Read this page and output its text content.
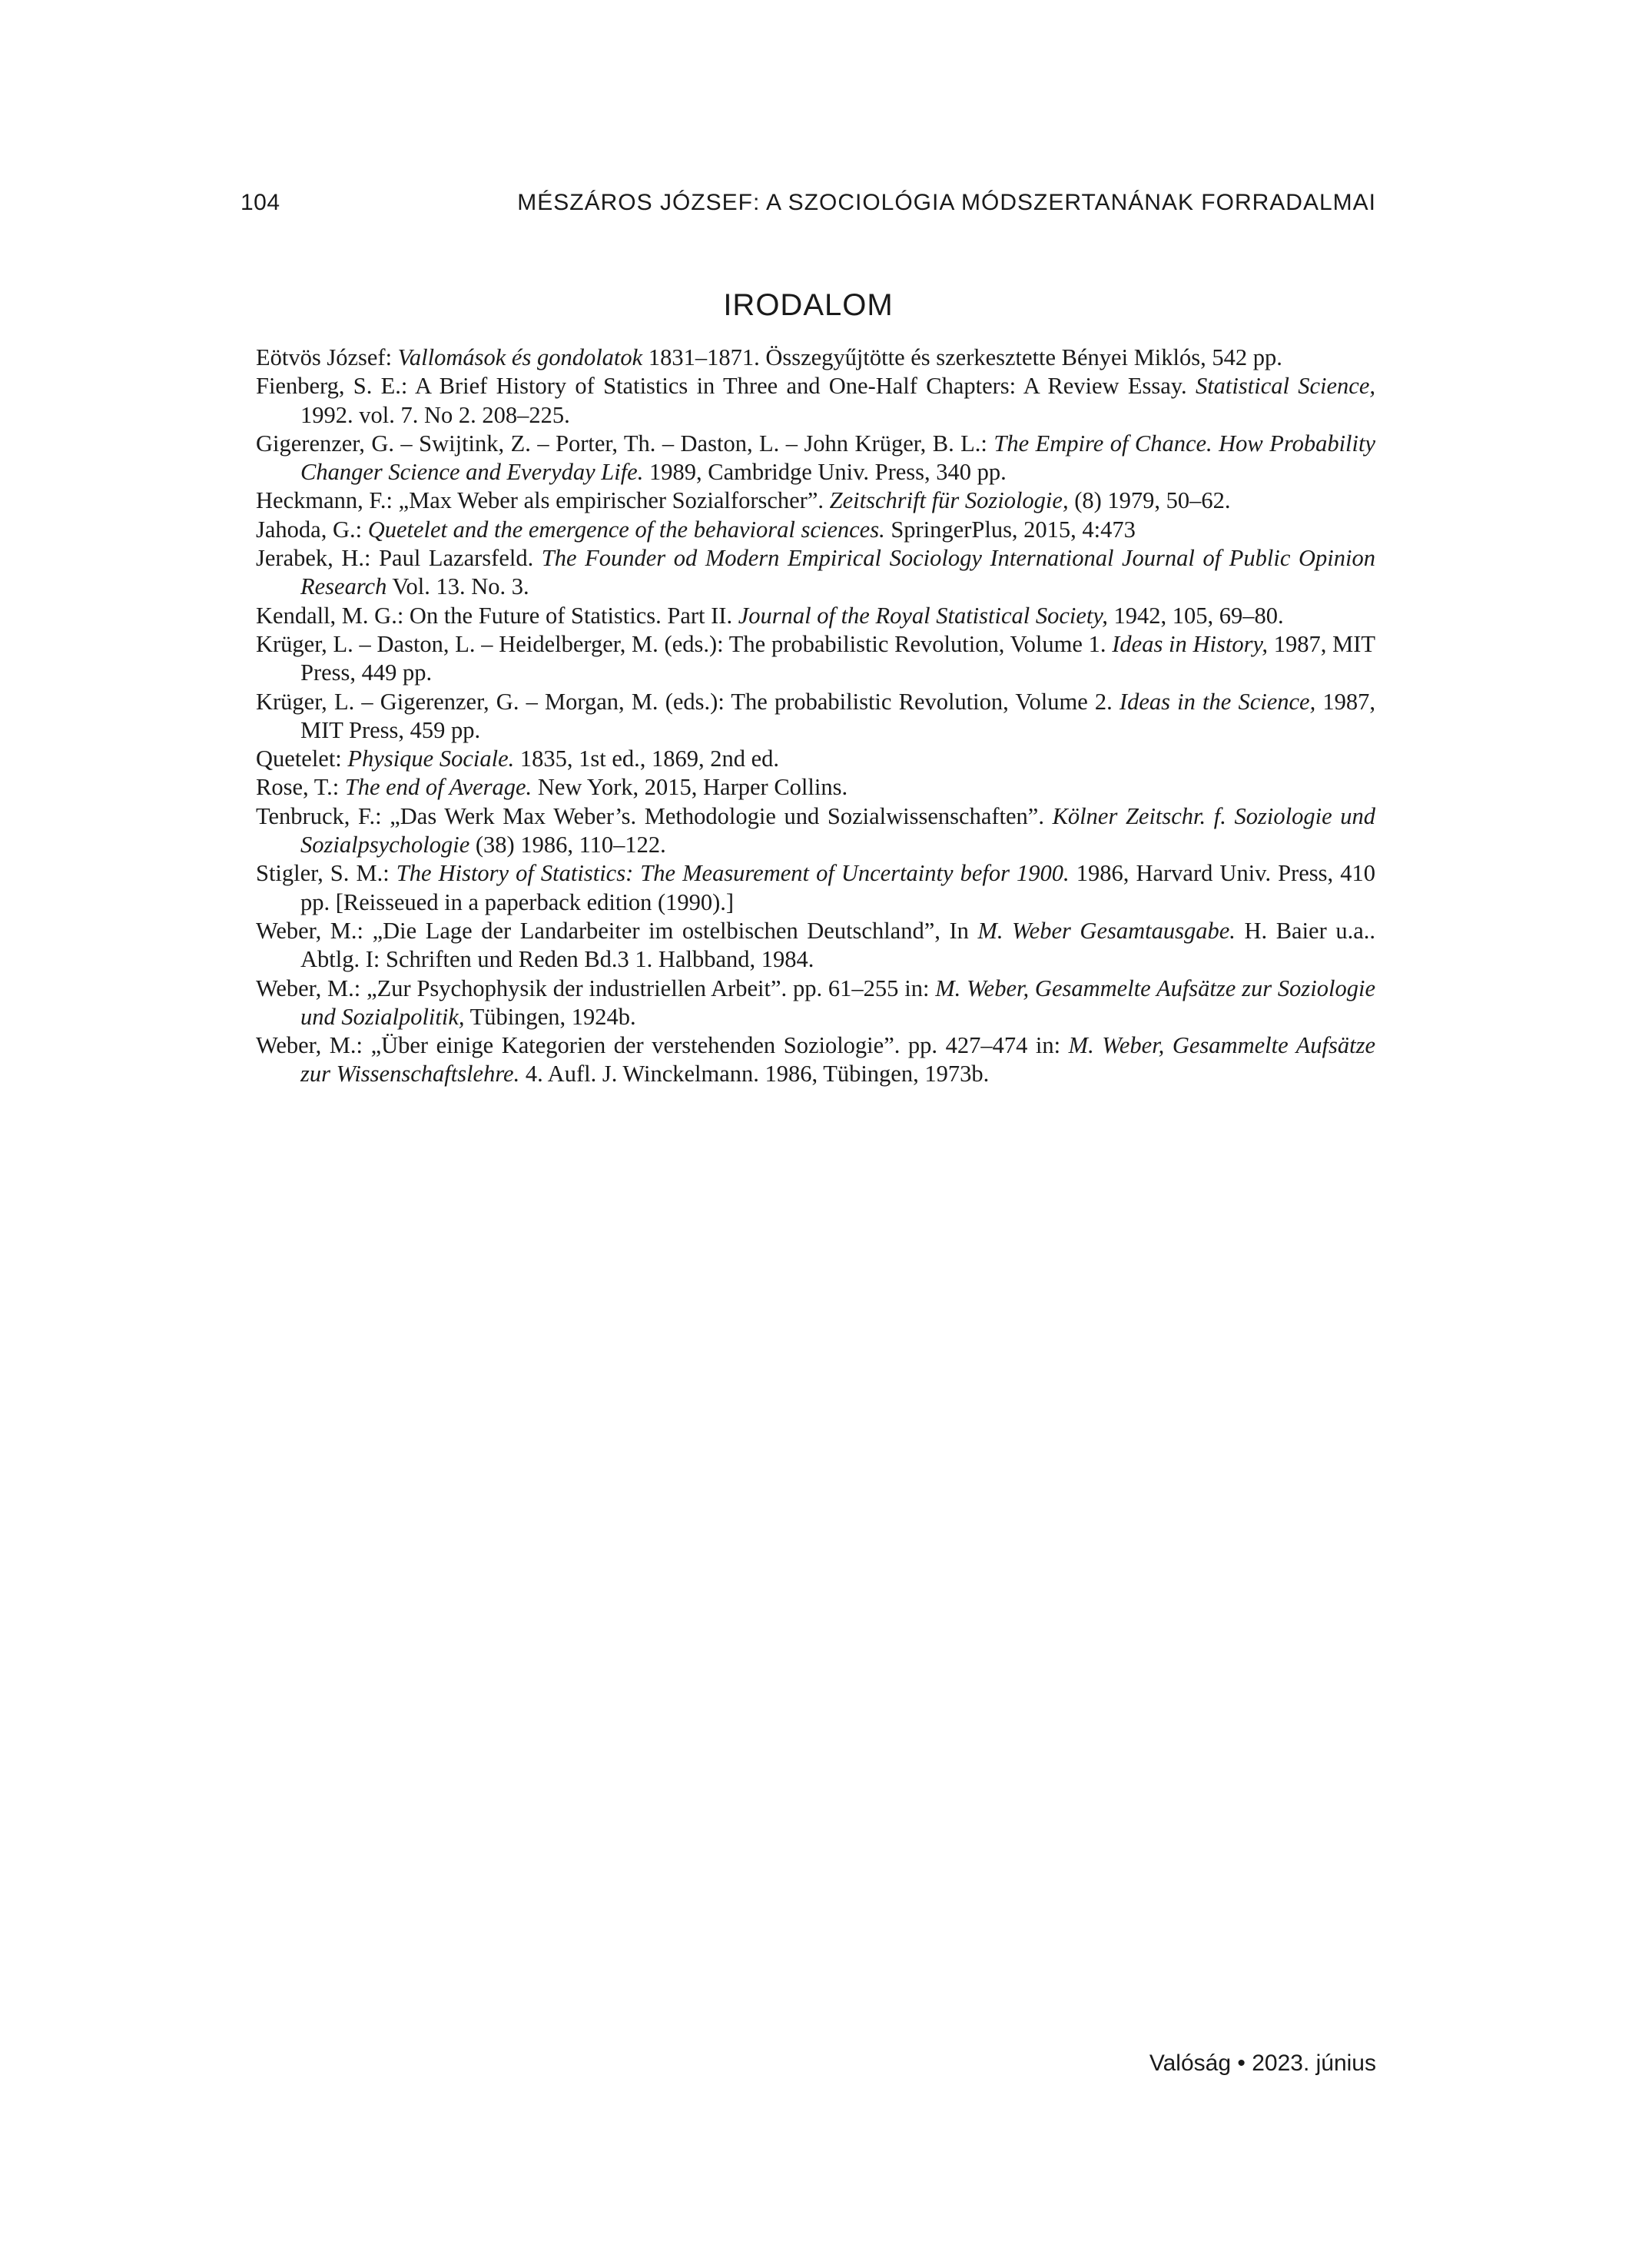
104	MÉSZÁROS JÓZSEF: A SZOCIOLÓGIA MÓDSZERTANÁNAK FORRADALMAI
IRODALOM
Eötvös József: Vallomások és gondolatok 1831–1871. Összegyűjtötte és szerkesztette Bényei Miklós, 542 pp.
Fienberg, S. E.: A Brief History of Statistics in Three and One-Half Chapters: A Review Essay. Statistical Science, 1992. vol. 7. No 2. 208–225.
Gigerenzer, G. – Swijtink, Z. – Porter, Th. – Daston, L. – John Krüger, B. L.: The Empire of Chance. How Probability Changer Science and Everyday Life. 1989, Cambridge Univ. Press, 340 pp.
Heckmann, F.: „Max Weber als empirischer Sozialforscher”. Zeitschrift für Soziologie, (8) 1979, 50–62.
Jahoda, G.: Quetelet and the emergence of the behavioral sciences. SpringerPlus, 2015, 4:473
Jerabek, H.: Paul Lazarsfeld. The Founder od Modern Empirical Sociology International Journal of Public Opinion Research Vol. 13. No. 3.
Kendall, M. G.: On the Future of Statistics. Part II. Journal of the Royal Statistical Society, 1942, 105, 69–80.
Krüger, L. – Daston, L. – Heidelberger, M. (eds.): The probabilistic Revolution, Volume 1. Ideas in History, 1987, MIT Press, 449 pp.
Krüger, L. – Gigerenzer, G. – Morgan, M. (eds.): The probabilistic Revolution, Volume 2. Ideas in the Science, 1987, MIT Press, 459 pp.
Quetelet: Physique Sociale. 1835, 1st ed., 1869, 2nd ed.
Rose, T.: The end of Average. New York, 2015, Harper Collins.
Tenbruck, F.: „Das Werk Max Weber’s. Methodologie und Sozialwissenschaften”. Kölner Zeitschr. f. Soziologie und Sozialpsychologie (38) 1986, 110–122.
Stigler, S. M.: The History of Statistics: The Measurement of Uncertainty befor 1900. 1986, Harvard Univ. Press, 410 pp. [Reisseued in a paperback edition (1990).]
Weber, M.: „Die Lage der Landarbeiter im ostelbischen Deutschland”, In M. Weber Gesamtausgabe. H. Baier u.a.. Abtlg. I: Schriften und Reden Bd.3 1. Halbband, 1984.
Weber, M.: „Zur Psychophysik der industriellen Arbeit”. pp. 61–255 in: M. Weber, Gesammelte Aufsätze zur Soziologie und Sozialpolitik, Tübingen, 1924b.
Weber, M.: „Über einige Kategorien der verstehenden Soziologie”. pp. 427–474 in: M. Weber, Gesammelte Aufsätze zur Wissenschaftslehre. 4. Aufl. J. Winckelmann. 1986, Tübingen, 1973b.
Valóság • 2023. június
